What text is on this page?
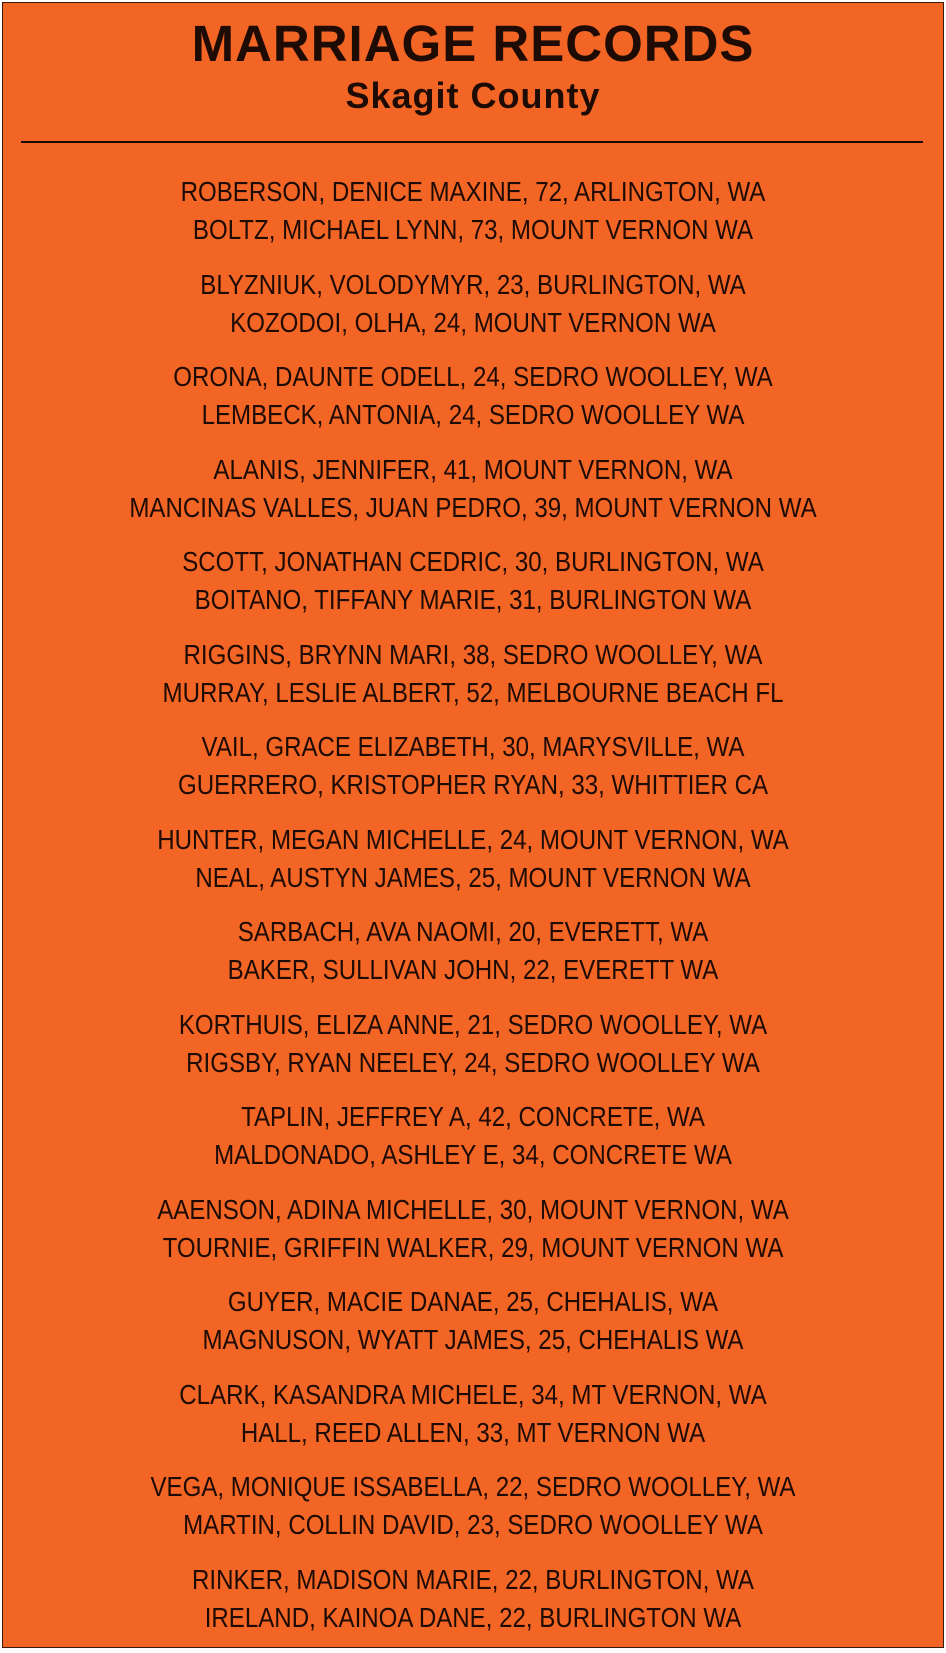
MARRIAGE RECORDS
Skagit County
ROBERSON, DENICE MAXINE, 72, ARLINGTON, WA
BOLTZ, MICHAEL LYNN, 73, MOUNT VERNON WA
BLYZNIUK, VOLODYMYR, 23, BURLINGTON, WA
KOZODOI, OLHA, 24, MOUNT VERNON WA
ORONA, DAUNTE ODELL, 24, SEDRO WOOLLEY, WA
LEMBECK, ANTONIA, 24, SEDRO WOOLLEY WA
ALANIS, JENNIFER, 41, MOUNT VERNON, WA
MANCINAS VALLES, JUAN PEDRO, 39, MOUNT VERNON WA
SCOTT, JONATHAN CEDRIC, 30, BURLINGTON, WA
BOITANO, TIFFANY MARIE, 31, BURLINGTON WA
RIGGINS, BRYNN MARI, 38, SEDRO WOOLLEY, WA
MURRAY, LESLIE ALBERT, 52, MELBOURNE BEACH FL
VAIL, GRACE ELIZABETH, 30, MARYSVILLE, WA
GUERRERO, KRISTOPHER RYAN, 33, WHITTIER CA
HUNTER, MEGAN MICHELLE, 24, MOUNT VERNON, WA
NEAL, AUSTYN JAMES, 25, MOUNT VERNON WA
SARBACH, AVA NAOMI, 20, EVERETT, WA
BAKER, SULLIVAN JOHN, 22, EVERETT WA
KORTHUIS, ELIZA ANNE, 21, SEDRO WOOLLEY, WA
RIGSBY, RYAN NEELEY, 24, SEDRO WOOLLEY WA
TAPLIN, JEFFREY A, 42, CONCRETE, WA
MALDONADO, ASHLEY E, 34, CONCRETE WA
AAENSON, ADINA MICHELLE, 30, MOUNT VERNON, WA
TOURNIE, GRIFFIN WALKER, 29, MOUNT VERNON WA
GUYER, MACIE DANAE, 25, CHEHALIS, WA
MAGNUSON, WYATT JAMES, 25, CHEHALIS WA
CLARK, KASANDRA MICHELE, 34, MT VERNON, WA
HALL, REED ALLEN, 33, MT VERNON WA
VEGA, MONIQUE ISSABELLA, 22, SEDRO WOOLLEY, WA
MARTIN, COLLIN DAVID, 23, SEDRO WOOLLEY WA
RINKER, MADISON MARIE, 22, BURLINGTON, WA
IRELAND, KAINOA DANE, 22, BURLINGTON WA
